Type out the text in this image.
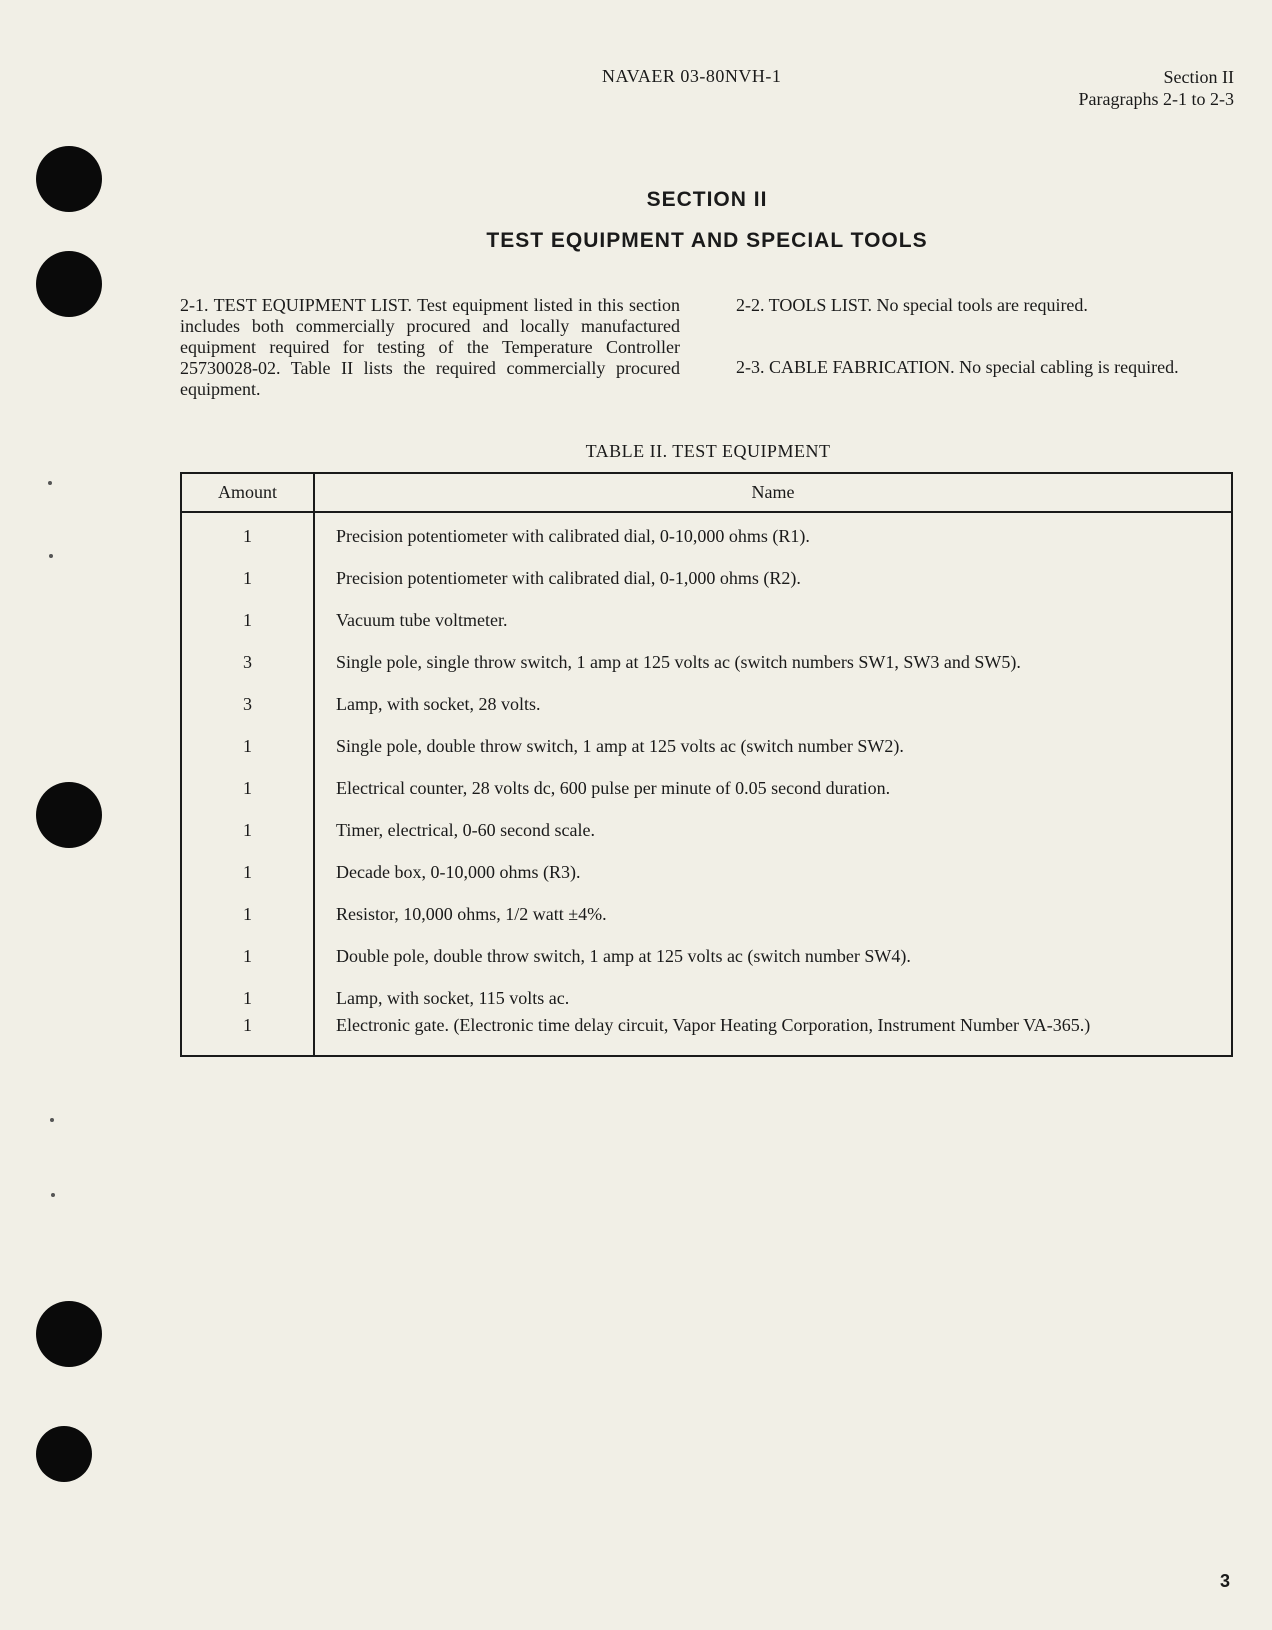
NAVAER 03-80NVH-1	Section II
Paragraphs 2-1 to 2-3
SECTION II
TEST EQUIPMENT AND SPECIAL TOOLS

2-1. TEST EQUIPMENT LIST. Test equipment listed in this section includes both commercially procured and locally manufactured equipment required for testing of the Temperature Controller 25730028-02. Table II lists the required commercially procured equipment.

2-2. TOOLS LIST. No special tools are required.

2-3. CABLE FABRICATION. No special cabling is required.

TABLE II. TEST EQUIPMENT
Amount	Name
1	Precision potentiometer with calibrated dial, 0-10,000 ohms (R1).
1	Precision potentiometer with calibrated dial, 0-1,000 ohms (R2).
1	Vacuum tube voltmeter.
3	Single pole, single throw switch, 1 amp at 125 volts ac (switch numbers SW1, SW3 and SW5).
3	Lamp, with socket, 28 volts.
1	Single pole, double throw switch, 1 amp at 125 volts ac (switch number SW2).
1	Electrical counter, 28 volts dc, 600 pulse per minute of 0.05 second duration.
1	Timer, electrical, 0-60 second scale.
1	Decade box, 0-10,000 ohms (R3).
1	Resistor, 10,000 ohms, 1/2 watt ±4%.
1	Double pole, double throw switch, 1 amp at 125 volts ac (switch number SW4).
1	Lamp, with socket, 115 volts ac.
1	Electronic gate. (Electronic time delay circuit, Vapor Heating Corporation, Instrument Number VA-365.)
3
